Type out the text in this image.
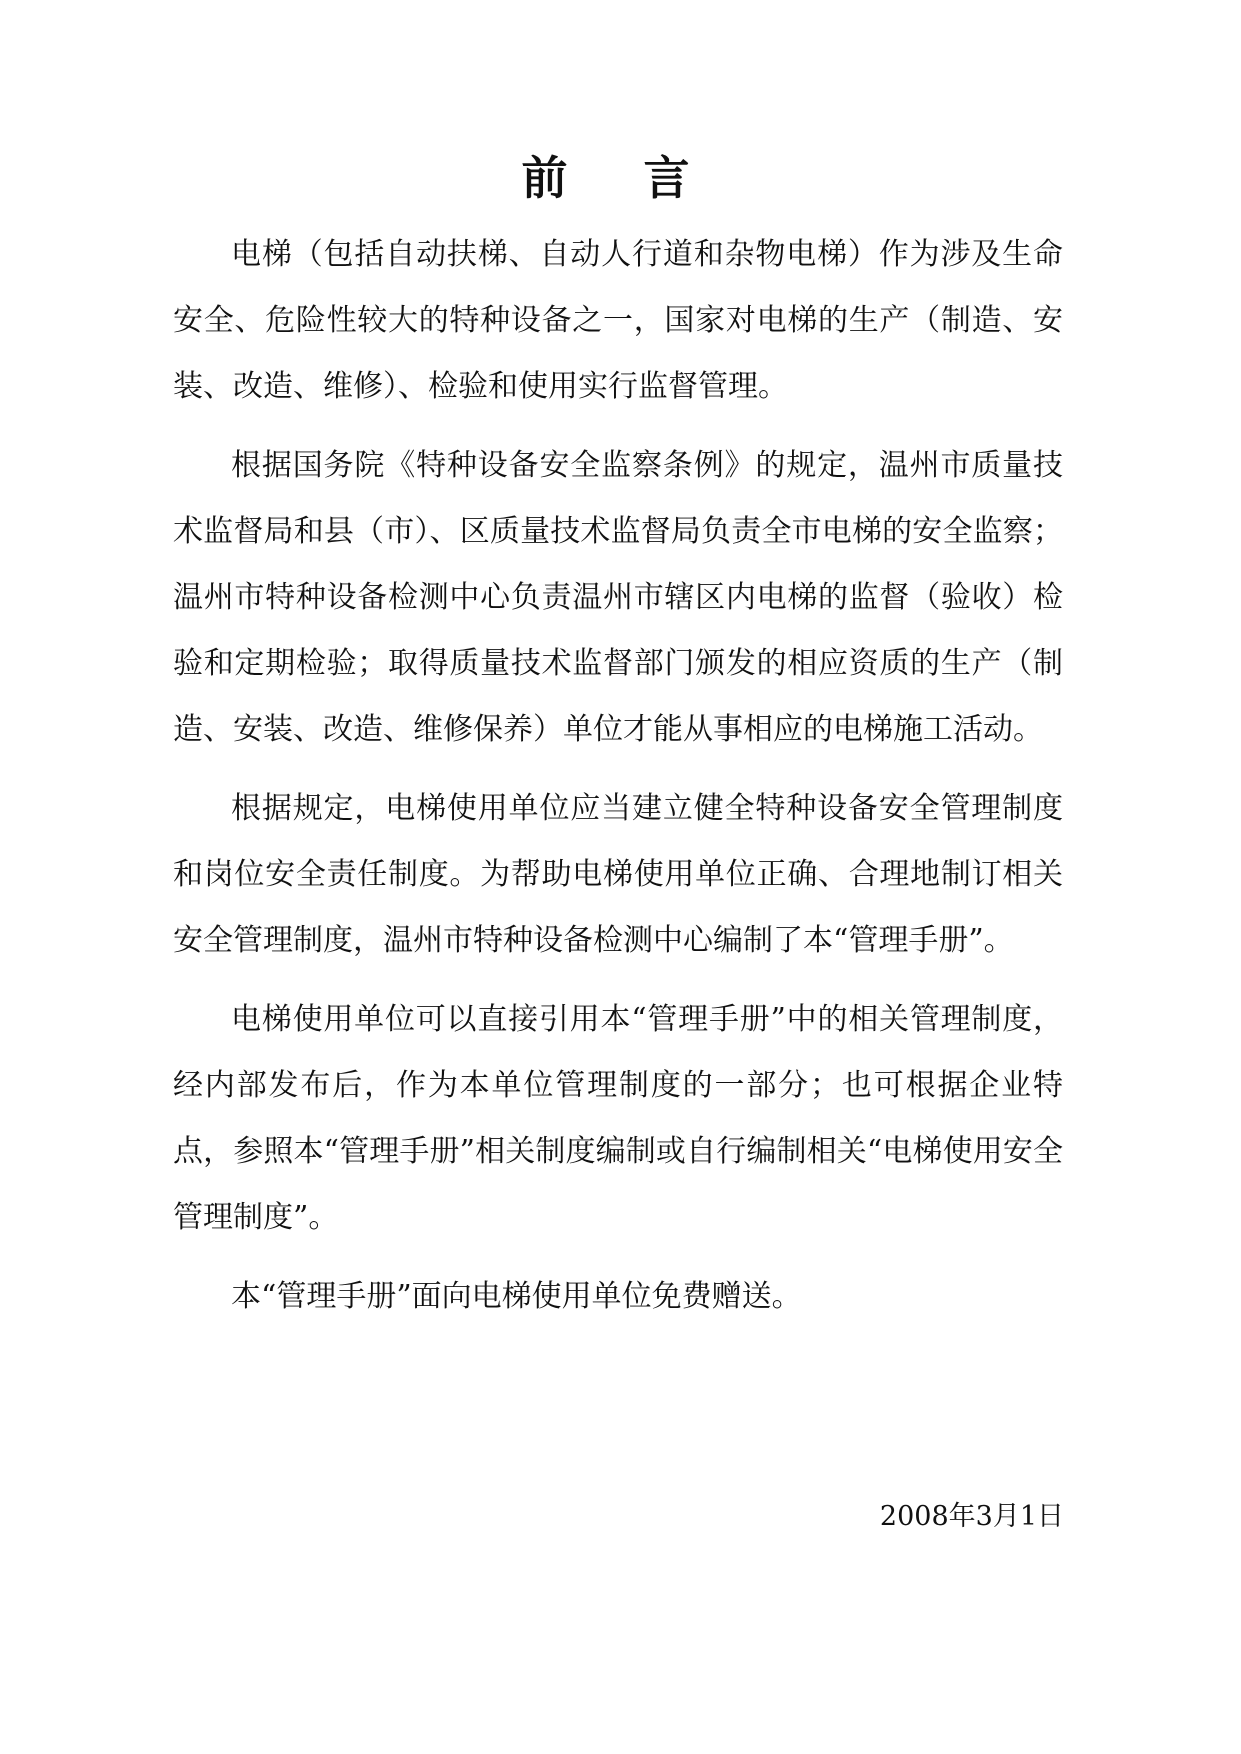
前 言

电梯（包括自动扶梯、自动人行道和杂物电梯）作为涉及生命安全、危险性较大的特种设备之一，国家对电梯的生产（制造、安装、改造、维修）、检验和使用实行监督管理。

根据国务院《特种设备安全监察条例》的规定，温州市质量技术监督局和县（市）、区质量技术监督局负责全市电梯的安全监察；温州市特种设备检测中心负责温州市辖区内电梯的监督（验收）检验和定期检验；取得质量技术监督部门颁发的相应资质的生产（制造、安装、改造、维修保养）单位才能从事相应的电梯施工活动。

根据规定，电梯使用单位应当建立健全特种设备安全管理制度和岗位安全责任制度。为帮助电梯使用单位正确、合理地制订相关安全管理制度，温州市特种设备检测中心编制了本“管理手册”。

电梯使用单位可以直接引用本“管理手册”中的相关管理制度，经内部发布后，作为本单位管理制度的一部分；也可根据企业特点，参照本“管理手册”相关制度编制或自行编制相关“电梯使用安全管理制度”。

本“管理手册”面向电梯使用单位免费赠送。

2008年3月1日
